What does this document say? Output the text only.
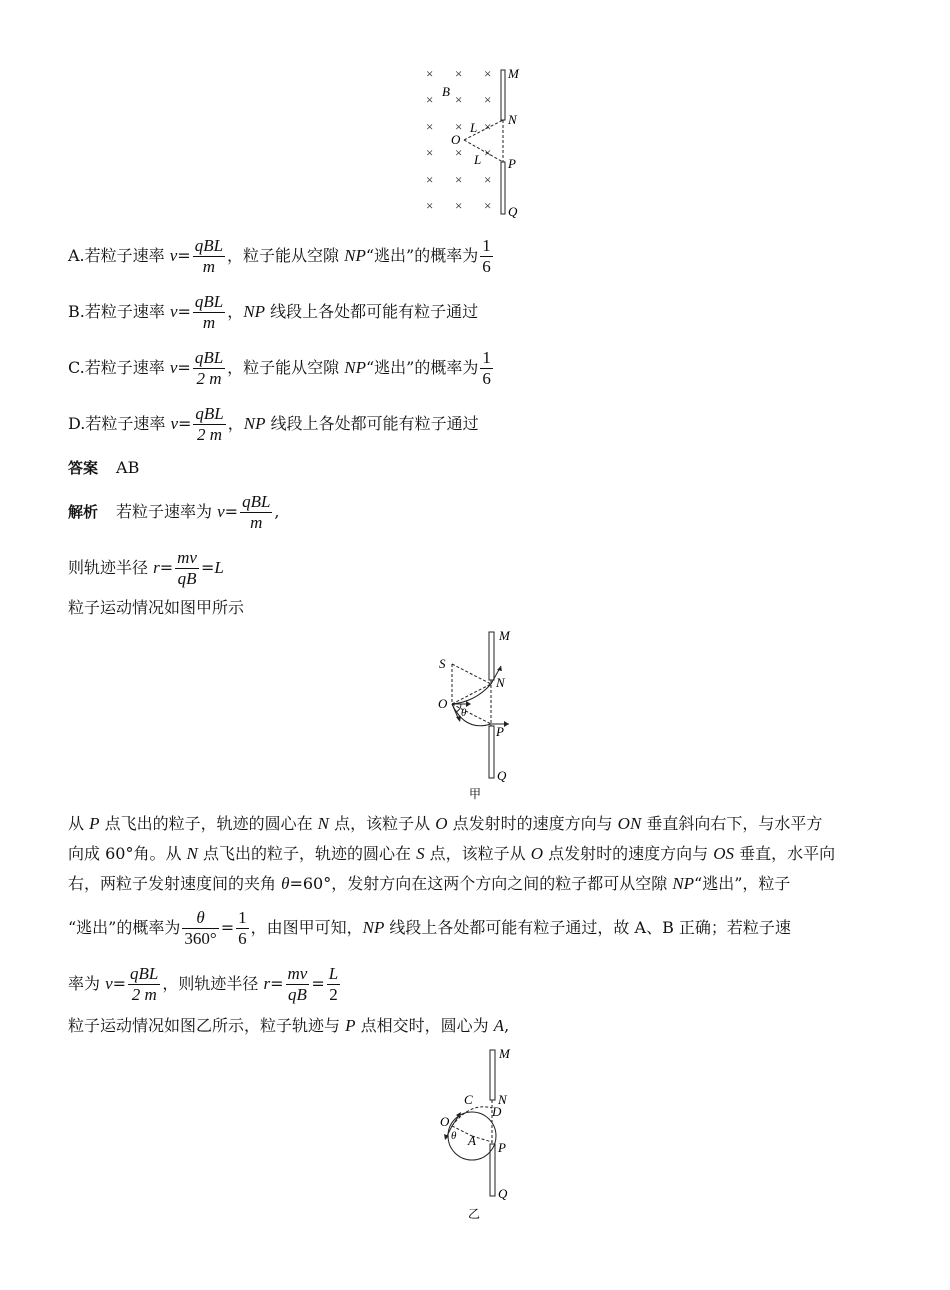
× × ×
× × ×
× × ×
× × ×
× × ×
× × ×
M
N
P
Q
B
O
L
L
A.若粒子速率 $v= \frac{\text{qBL}}{m}$ ，粒子能从空隙 NP“逃出”的概率为 $\frac{1}{6}$
B.若粒子速率 $v= \frac{\text{qBL}}{m}$ ，NP 线段上各处都可能有粒子通过
C.若粒子速率 $v= \frac{\text{qBL}}{2 m}$ ，粒子能从空隙 NP“逃出”的概率为 $\frac{1}{6}$
D.若粒子速率 $v= \frac{\text{qBL}}{2 m}$ ，NP 线段上各处都可能有粒子通过
答案 AB
解析 若粒子速率为 $v= \frac{\text{qBL}}{m}$ ,
则轨迹半径 $r= \frac{mv}{qB} =L$
粒子运动情况如图甲所示
M
N
P
Q
S
O
θ
甲
从 P 点飞出的粒子，轨迹的圆心在 N 点，该粒子从 O 点发射时的速度方向与 ON 垂直斜向右下，与水平方
向成 60°角。从 N 点飞出的粒子，轨迹的圆心在 S 点，该粒子从 O 点发射时的速度方向与 OS 垂直，水平向
右，两粒子发射速度间的夹角 θ=60°，发射方向在这两个方向之间的粒子都可从空隙 NP“逃出”，粒子
“逃出”的概率为 $\frac{\theta}{360^\circ} = \frac{1}{6}$ ，由图甲可知，NP 线段上各处都可能有粒子通过，故 A、B 正确；若粒子速
率为 $v= \frac{\text{qBL}}{2 m}$ ，则轨迹半径 $r= \frac{mv}{qB} = \frac{L}{2}$
粒子运动情况如图乙所示，粒子轨迹与 P 点相交时，圆心为 A,
M
N
D
P
Q
C
O
A
θ
乙
